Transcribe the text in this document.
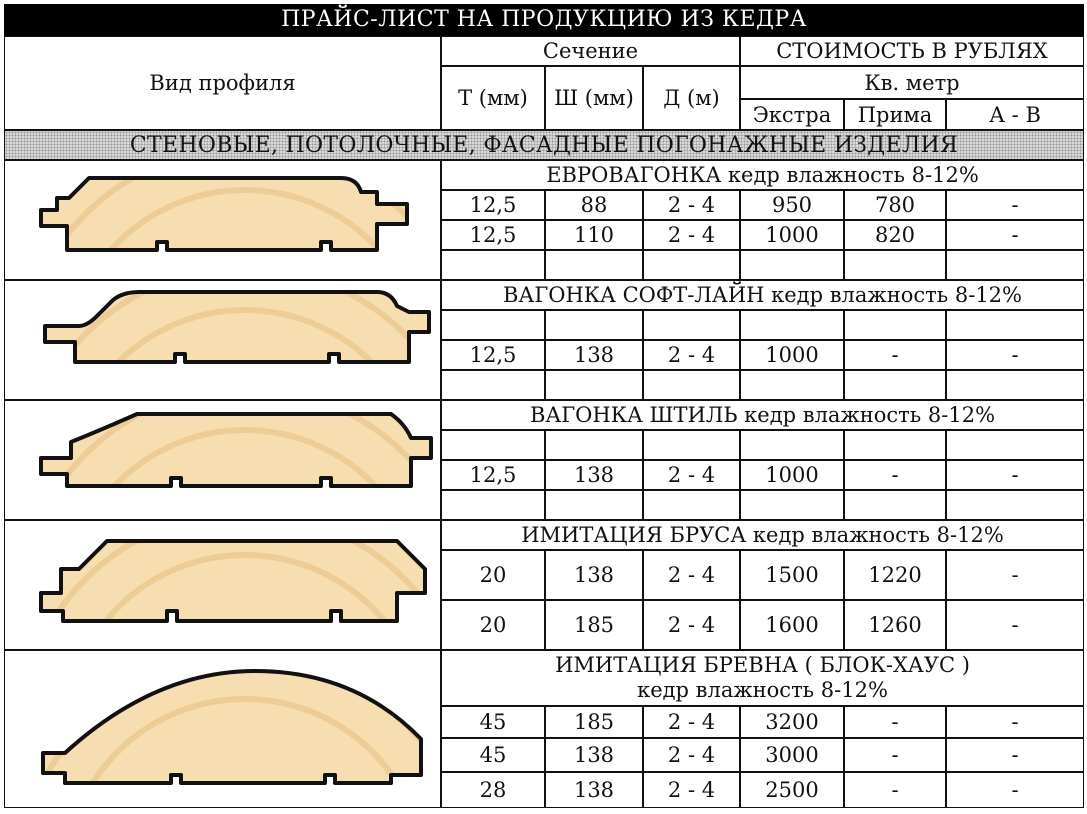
ПРАЙС-ЛИСТ НА ПРОДУКЦИЮ ИЗ КЕДРА
Вид профиля
Сечение	СТОИМОСТЬ В РУБЛЯХ
Т (мм)	Ш (мм)	Д (м)
Кв. метр
Экстра	Прима	А - В
СТЕНОВЫЕ, ПОТОЛОЧНЫЕ, ФАСАДНЫЕ ПОГОНАЖНЫЕ ИЗДЕЛИЯ
ЕВРОВАГОНКА кедр влажность 8-12%
12,5	88	2 - 4	950	780	-
12,5	110	2 - 4	1000	820	-
ВАГОНКА СОФТ-ЛАЙН кедр влажность 8-12%
12,5	138	2 - 4	1000	-	-
ВАГОНКА ШТИЛЬ кедр влажность 8-12%
12,5	138	2 - 4	1000	-	-
ИМИТАЦИЯ БРУСА кедр влажность 8-12%
20	138	2 - 4	1500	1220	-
20	185	2 - 4	1600	1260	-
ИМИТАЦИЯ БРЕВНА ( БЛОК-ХАУС )
кедр влажность 8-12%
45	185	2 - 4	3200	-	-
45	138	2 - 4	3000	-	-
28	138	2 - 4	2500	-	-
